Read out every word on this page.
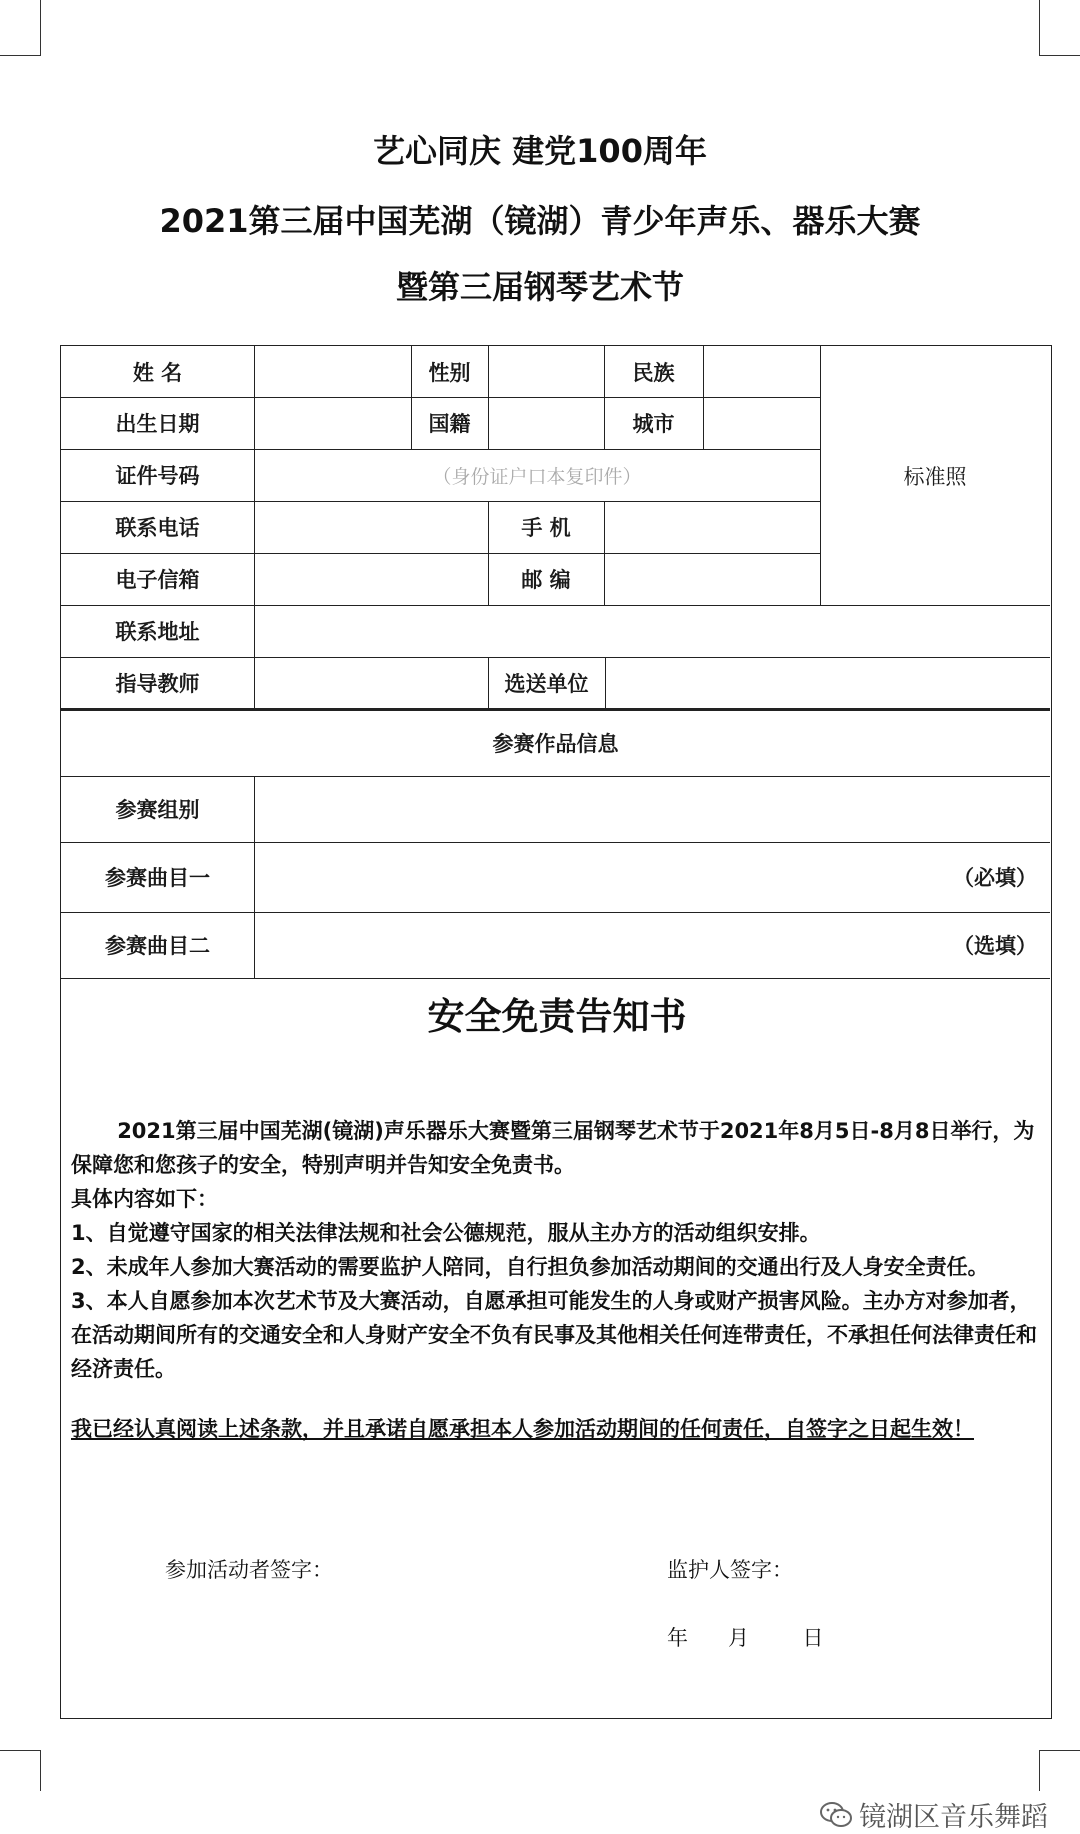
艺心同庆 建党100周年
2021第三届中国芜湖（镜湖）青少年声乐、器乐大赛
暨第三届钢琴艺术节
姓 名	性别	民族
出生日期	国籍	城市
证件号码	（身份证户口本复印件）
联系电话	手 机
电子信箱	邮 编
标准照
联系地址
指导教师	选送单位
参赛作品信息
参赛组别
参赛曲目一	（必填）
参赛曲目二	（选填）
安全免责告知书

2021第三届中国芜湖(镜湖)声乐器乐大赛暨第三届钢琴艺术节于2021年8月5日-8月8日举行，为保障您和您孩子的安全，特别声明并告知安全免责书。

具体内容如下：

1、自觉遵守国家的相关法律法规和社会公德规范，服从主办方的活动组织安排。

2、未成年人参加大赛活动的需要监护人陪同，自行担负参加活动期间的交通出行及人身安全责任。

3、本人自愿参加本次艺术节及大赛活动，自愿承担可能发生的人身或财产损害风险。主办方对参加者，在活动期间所有的交通安全和人身财产安全不负有民事及其他相关任何连带责任，不承担任何法律责任和经济责任。

我已经认真阅读上述条款，并且承诺自愿承担本人参加活动期间的任何责任，自签字之日起生效！

参加活动者签字：	监护人签字：
年      月        日
镜湖区音乐舞蹈
